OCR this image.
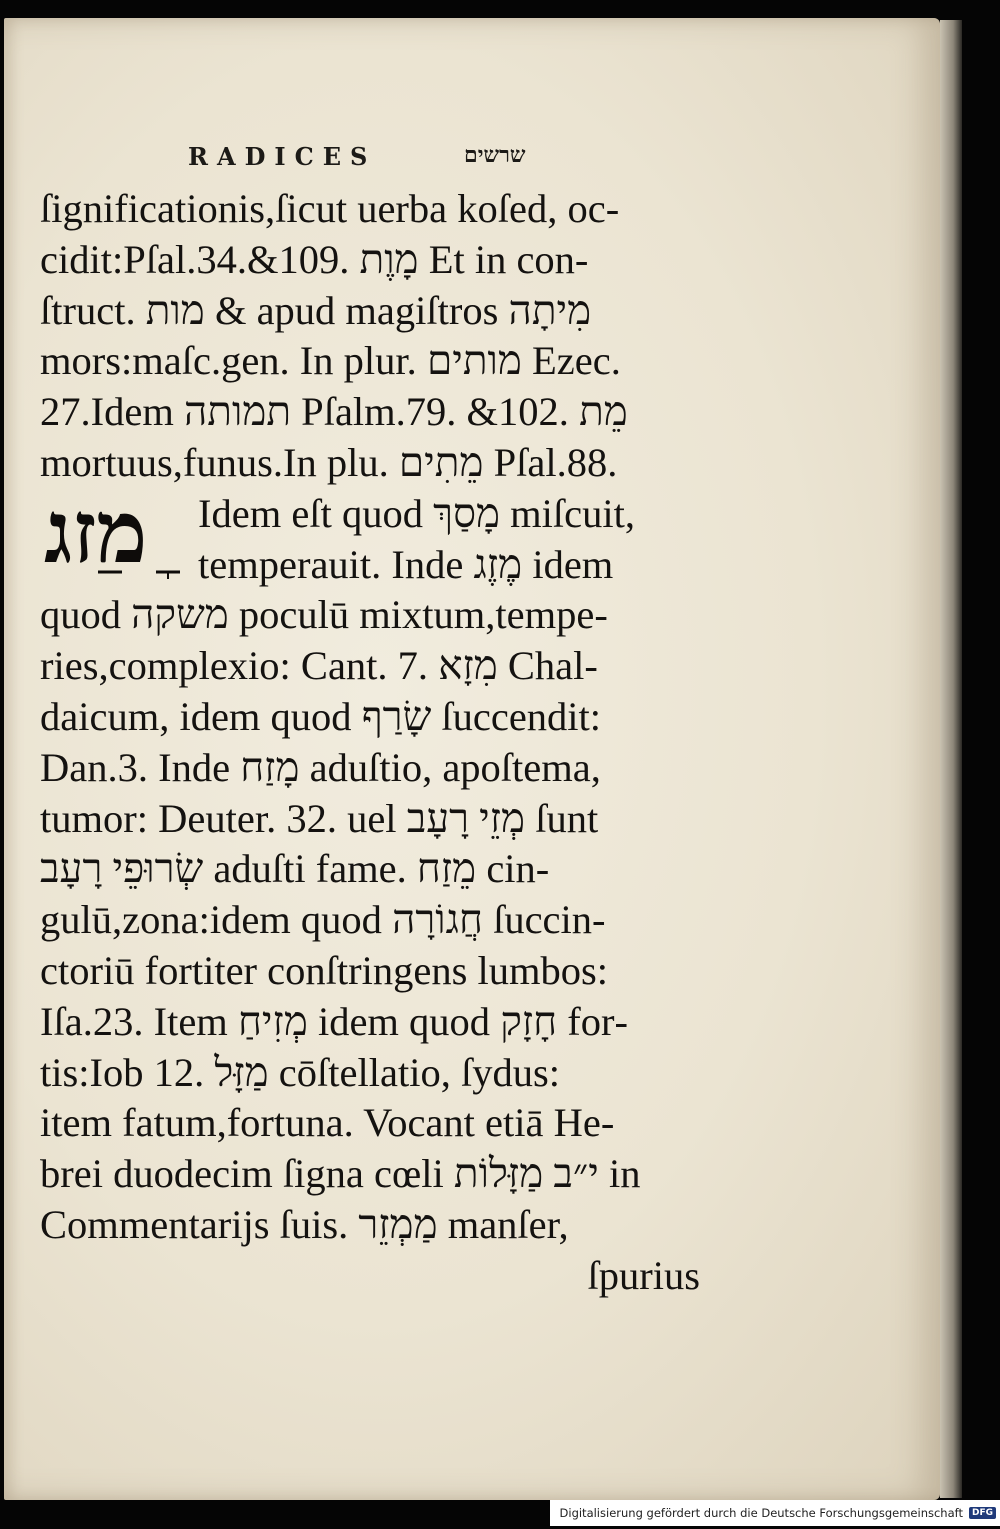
RADICES	שרשים
מזג
ſignificationis,ſicut uerba koſed, oc‐
cidit:Pſal.34.&109. מָוֶת Et in con‐
ſtruct. מות & apud magiſtros מִיתָה
mors:maſc.gen. In plur. מותים Ezec.
27.Idem תמותה Pſalm.79. &102. מֵת
mortuus,funus.In plu. מֵתִים Pſal.88.
Idem eſt quod מָסַךְ miſcuit,
temperauit. Inde מֶזֶג idem
quod משקה poculū mixtum,tempe‐
ries,complexio: Cant. 7. מִזָא Chal‐
daicum, idem quod שָׂרַף ſuccendit:
Dan.3. Inde מָזַח aduſtio, apoſtema,
tumor: Deuter. 32. uel מְזֵי רָעָב ſunt
שְׂרוּפֵי רָעָב aduſti fame. מֵזַח cin‐
gulū,zona:idem quod חֲגוֹרָה ſuccin‐
ctoriū fortiter conſtringens lumbos:
Iſa.23. Item מְזִיחַ idem quod חָזָק for‐
tis:Iob 12. מַזָּל cōſtellatio, ſydus:
item fatum,fortuna. Vocant etiā He‐
brei duodecim ſigna cœli י״ב מַזָּלוֹת in
Commentarijs ſuis. מַמְזֵר manſer,
ſpurius
Digitalisierung gefördert durch die Deutsche Forschungsgemeinschaft	DFG
